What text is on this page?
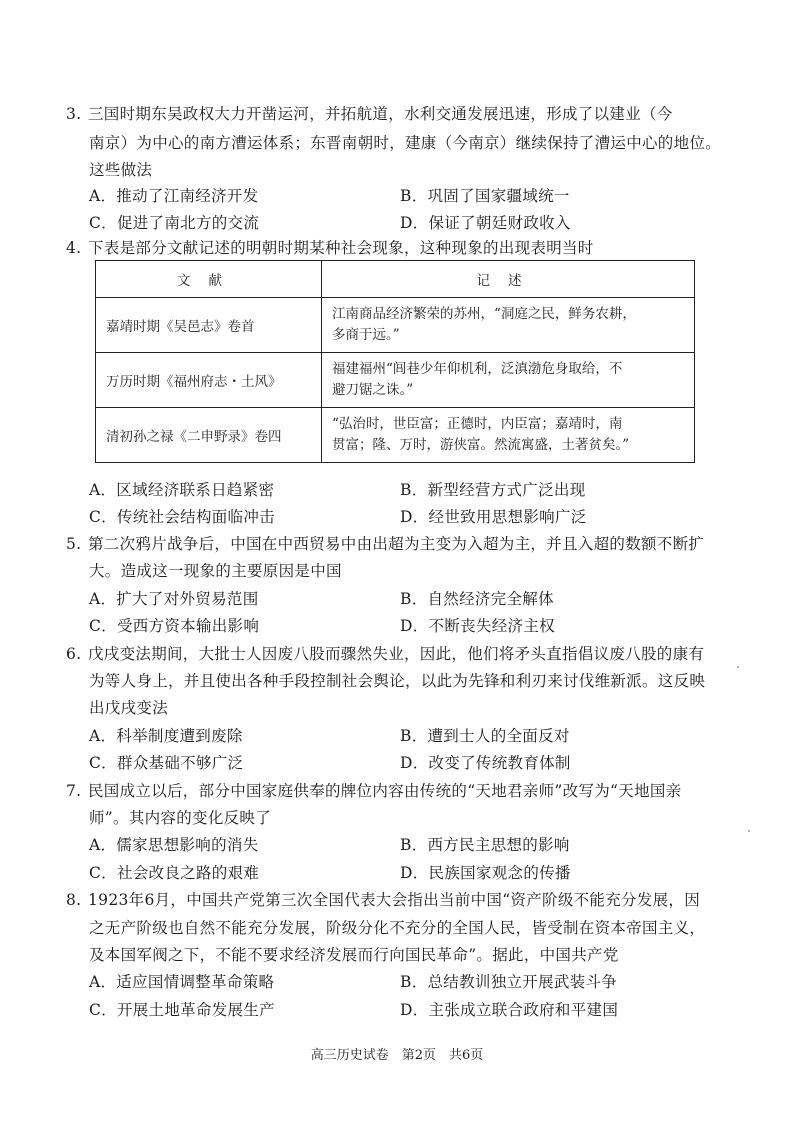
3. 三国时期东吴政权大力开凿运河，并拓航道，水利交通发展迅速，形成了以建业（今
南京）为中心的南方漕运体系；东晋南朝时，建康（今南京）继续保持了漕运中心的地位。
这些做法
A．推动了江南经济开发	B．巩固了国家疆域统一
C．促进了南北方的交流	D．保证了朝廷财政收入
4. 下表是部分文献记述的明朝时期某种社会现象，这种现象的出现表明当时
文献	记述
嘉靖时期《吴邑志》卷首	江南商品经济繁荣的苏州，“洞庭之民，鲜务农耕，
多商于远。”

万历时期《福州府志・土风》	福建福州“闾巷少年仰机利，泛滇渤危身取给，不
避刀锯之诛。”

清初孙之禄《二申野录》卷四	“弘治时，世臣富；正德时，内臣富；嘉靖时，南
贯富；隆、万时，游侠富。然流寓盛，土著贫矣。”
A．区域经济联系日趋紧密	B．新型经营方式广泛出现
C．传统社会结构面临冲击	D．经世致用思想影响广泛
5. 第二次鸦片战争后，中国在中西贸易中由出超为主变为入超为主，并且入超的数额不断扩
大。造成这一现象的主要原因是中国
A．扩大了对外贸易范围	B．自然经济完全解体
C．受西方资本输出影响	D．不断丧失经济主权
6. 戊戌变法期间，大批士人因废八股而骤然失业，因此，他们将矛头直指倡议废八股的康有
为等人身上，并且使出各种手段控制社会舆论，以此为先锋和利刃来讨伐维新派。这反映
出戊戌变法
A．科举制度遭到废除	B．遭到士人的全面反对
C．群众基础不够广泛	D．改变了传统教育体制
7. 民国成立以后，部分中国家庭供奉的牌位内容由传统的“天地君亲师”改写为“天地国亲
师”。其内容的变化反映了
A．儒家思想影响的消失	B．西方民主思想的影响
C．社会改良之路的艰难	D．民族国家观念的传播
8. 1923年6月，中国共产党第三次全国代表大会指出当前中国“资产阶级不能充分发展，因
之无产阶级也自然不能充分发展，阶级分化不充分的全国人民，皆受制在资本帝国主义，
及本国军阀之下，不能不要求经济发展而行向国民革命”。据此，中国共产党
A．适应国情调整革命策略	B．总结教训独立开展武装斗争
C．开展土地革命发展生产	D．主张成立联合政府和平建国
高三历史试卷　第2页　共6页
